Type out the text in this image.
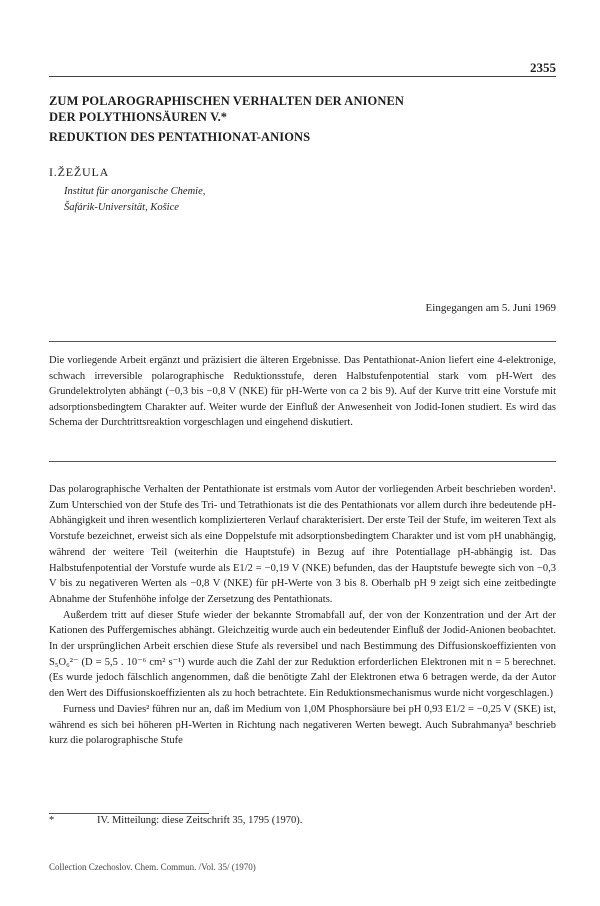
2355
ZUM POLAROGRAPHISCHEN VERHALTEN DER ANIONEN
DER POLYTHIONSÄUREN V.*
REDUKTION DES PENTATHIONAT-ANIONS
I.ŽEŽULA
Institut für anorganische Chemie,
Šafárik-Universität, Košice
Eingegangen am 5. Juni 1969
Die vorliegende Arbeit ergänzt und präzisiert die älteren Ergebnisse. Das Pentathionat-Anion liefert eine 4-elektronige, schwach irreversible polarographische Reduktionsstufe, deren Halbstufenpotential stark vom pH-Wert des Grundelektrolyten abhängt (−0,3 bis −0,8 V (NKE) für pH-Werte von ca 2 bis 9). Auf der Kurve tritt eine Vorstufe mit adsorptionsbedingtem Charakter auf. Weiter wurde der Einfluß der Anwesenheit von Jodid-Ionen studiert. Es wird das Schema der Durchtrittsreaktion vorgeschlagen und eingehend diskutiert.

Das polarographische Verhalten der Pentathionate ist erstmals vom Autor der vorliegenden Arbeit beschrieben worden¹. Zum Unterschied von der Stufe des Tri- und Tetrathionats ist die des Pentathionats vor allem durch ihre bedeutende pH-Abhängigkeit und ihren wesentlich komplizierteren Verlauf charakterisiert. Der erste Teil der Stufe, im weiteren Text als Vorstufe bezeichnet, erweist sich als eine Doppelstufe mit adsorptionsbedingtem Charakter und ist vom pH unabhängig, während der weitere Teil (weiterhin die Hauptstufe) in Bezug auf ihre Potentiallage pH-abhängig ist. Das Halbstufenpotential der Vorstufe wurde als E1/2 = −0,19 V (NKE) befunden, das der Hauptstufe bewegte sich von −0,3 V bis zu negativeren Werten als −0,8 V (NKE) für pH-Werte von 3 bis 8. Oberhalb pH 9 zeigt sich eine zeitbedingte Abnahme der Stufenhöhe infolge der Zersetzung des Pentathionats.

Außerdem tritt auf dieser Stufe wieder der bekannte Stromabfall auf, der von der Konzentration und der Art der Kationen des Puffergemisches abhängt. Gleichzeitig wurde auch ein bedeutender Einfluß der Jodid-Anionen beobachtet. In der ursprünglichen Arbeit erschien diese Stufe als reversibel und nach Bestimmung des Diffusionskoeffizienten von S₅O₆²⁻ (D = 5,5 . 10⁻⁶ cm² s⁻¹) wurde auch die Zahl der zur Reduktion erforderlichen Elektronen mit n = 5 berechnet. (Es wurde jedoch fälschlich angenommen, daß die benötigte Zahl der Elektronen etwa 6 betragen werde, da der Autor den Wert des Diffusionskoeffizienten als zu hoch betrachtete. Ein Reduktionsmechanismus wurde nicht vorgeschlagen.)

Furness und Davies² führen nur an, daß im Medium von 1,0M Phosphorsäure bei pH 0,93 E1/2 = −0,25 V (SKE) ist, während es sich bei höheren pH-Werten in Richtung nach negativeren Werten bewegt. Auch Subrahmanya³ beschrieb kurz die polarographische Stufe

*	IV. Mitteilung: diese Zeitschrift 35, 1795 (1970).
Collection Czechoslov. Chem. Commun. /Vol. 35/ (1970)
